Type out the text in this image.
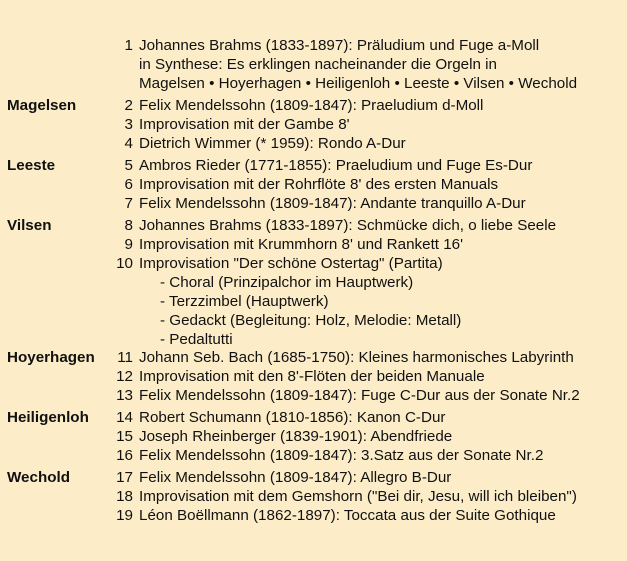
1 Johannes Brahms (1833-1897): Präludium und Fuge a-Moll
in Synthese: Es erklingen nacheinander die Orgeln in
Magelsen • Hoyerhagen • Heiligenloh • Leeste • Vilsen • Wechold
Magelsen	2 Felix Mendelssohn (1809-1847): Praeludium d-Moll
3 Improvisation mit der Gambe 8'
4 Dietrich Wimmer (* 1959): Rondo A-Dur
Leeste	5 Ambros Rieder (1771-1855): Praeludium und Fuge Es-Dur
6 Improvisation mit der Rohrflöte 8' des ersten Manuals
7 Felix Mendelssohn (1809-1847): Andante tranquillo A-Dur
Vilsen	8 Johannes Brahms (1833-1897): Schmücke dich, o liebe Seele
9 Improvisation mit Krummhorn 8' und Rankett 16'
10 Improvisation "Der schöne Ostertag" (Partita)
- Choral (Prinzipalchor im Hauptwerk)
- Terzzimbel (Hauptwerk)
- Gedackt (Begleitung: Holz, Melodie: Metall)
- Pedaltutti
Hoyerhagen	11 Johann Seb. Bach (1685-1750): Kleines harmonisches Labyrinth
12 Improvisation mit den 8'-Flöten der beiden Manuale
13 Felix Mendelssohn (1809-1847): Fuge C-Dur aus der Sonate Nr.2
Heiligenloh	14 Robert Schumann (1810-1856): Kanon C-Dur
15 Joseph Rheinberger (1839-1901): Abendfriede
16 Felix Mendelssohn (1809-1847): 3.Satz aus der Sonate Nr.2
Wechold	17 Felix Mendelssohn (1809-1847): Allegro B-Dur
18 Improvisation mit dem Gemshorn ("Bei dir, Jesu, will ich bleiben")
19 Léon Boëllmann (1862-1897): Toccata aus der Suite Gothique
